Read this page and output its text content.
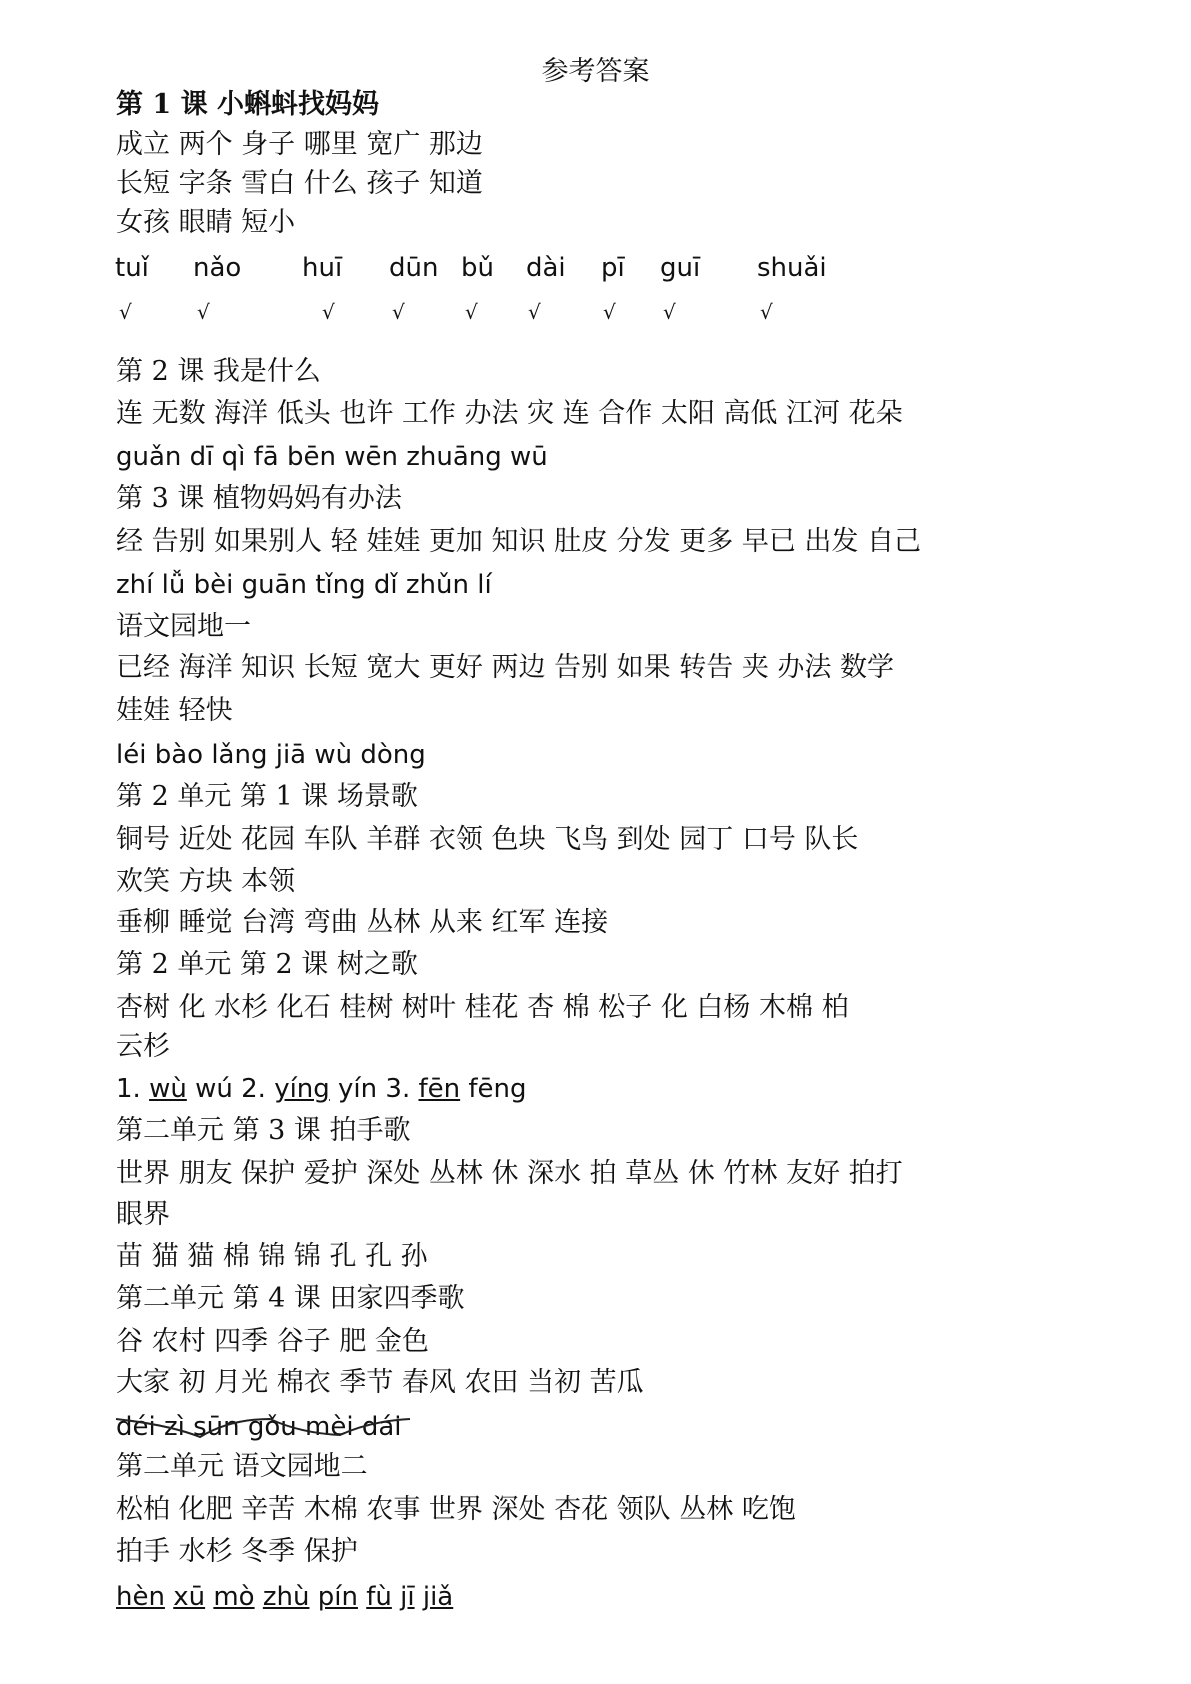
参考答案
第 1 课 小蝌蚪找妈妈
成立 两个 身子 哪里 宽广 那边
长短 字条 雪白 什么 孩子 知道
女孩 眼睛 短小
tuǐ nǎo huī dūn bǔ dài pī guī shuǎi
√	√	√	√	√	√	√ √	√
第 2 课 我是什么
连 无数 海洋 低头 也许 工作 办法 灾 连 合作 太阳 高低 江河 花朵
guǎn dī qì fā bēn wēn zhuāng wū
第 3 课 植物妈妈有办法
经 告别 如果别人 轻 娃娃 更加 知识 肚皮 分发 更多 早已 出发 自己
zhí lǚ bèi guān tǐng dǐ zhǔn lí
语文园地一
已经 海洋 知识 长短 宽大 更好 两边 告别 如果 转告 夹 办法 数学
娃娃 轻快
léi bào lǎng jiā wù dòng
第 2 单元 第 1 课 场景歌
铜号 近处 花园 车队 羊群 衣领 色块 飞鸟 到处 园丁 口号 队长
欢笑 方块 本领
垂柳 睡觉 台湾 弯曲 丛林 从来 红军 连接
第 2 单元 第 2 课 树之歌
杏树 化 水杉 化石 桂树 树叶 桂花 杏 棉 松子 化 白杨 木棉 柏
云杉
1. wù wú 2. yíng yín 3. fēn fēng
第二单元 第 3 课 拍手歌
世界 朋友 保护 爱护 深处 丛林 休 深水 拍 草丛 休 竹林 友好 拍打
眼界
苗 猫 猫 棉 锦 锦 孔 孔 孙
第二单元 第 4 课 田家四季歌
谷 农村 四季 谷子 肥 金色
大家 初 月光 棉衣 季节 春风 农田 当初 苦瓜
déi zì sūn gǒu mèi dái
第二单元 语文园地二
松柏 化肥 辛苦 木棉 农事 世界 深处 杏花 领队 丛林 吃饱
拍手 水杉 冬季 保护
hèn xū mò zhù pín fù jī jiǎ
